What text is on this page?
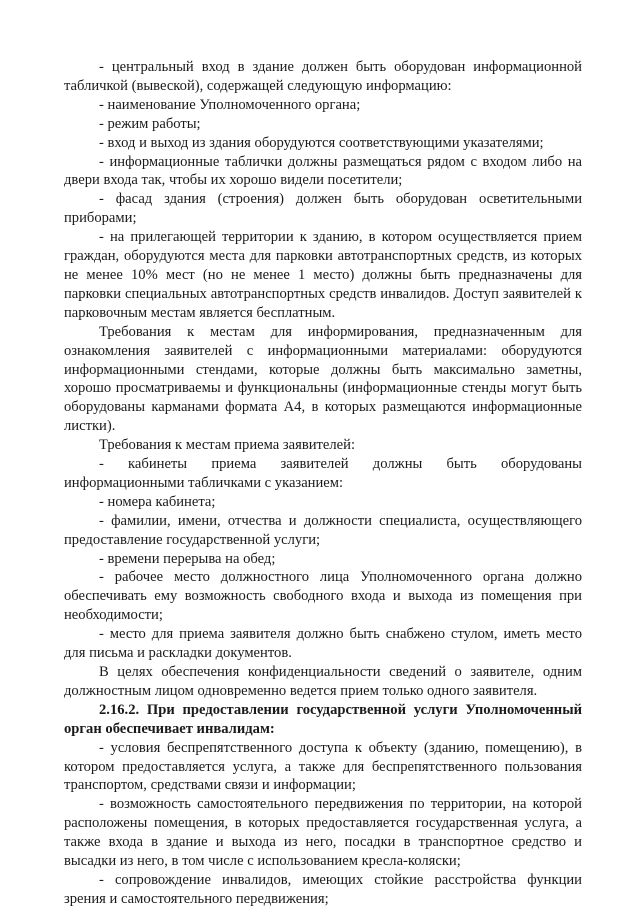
- центральный вход в здание должен быть оборудован информационной табличкой (вывеской), содержащей следующую информацию:

- наименование Уполномоченного органа;

- режим работы;

- вход и выход из здания оборудуются соответствующими указателями;

- информационные таблички должны размещаться рядом с входом либо на двери входа так, чтобы их хорошо видели посетители;

- фасад здания (строения) должен быть оборудован осветительными приборами;

- на прилегающей территории к зданию, в котором осуществляется прием граждан, оборудуются места для парковки автотранспортных средств, из которых не менее 10% мест (но не менее 1 место) должны быть предназначены для парковки специальных автотранспортных средств инвалидов. Доступ заявителей к парковочным местам является бесплатным.

Требования к местам для информирования, предназначенным для ознакомления заявителей с информационными материалами: оборудуются информационными стендами, которые должны быть максимально заметны, хорошо просматриваемы и функциональны (информационные стенды могут быть оборудованы карманами формата А4, в которых размещаются информационные листки).

Требования к местам приема заявителей:

- кабинеты приема заявителей должны быть оборудованы информационными табличками с указанием:

- номера кабинета;

- фамилии, имени, отчества и должности специалиста, осуществляющего предоставление государственной услуги;

- времени перерыва на обед;

- рабочее место должностного лица Уполномоченного органа должно обеспечивать ему возможность свободного входа и выхода из помещения при необходимости;

- место для приема заявителя должно быть снабжено стулом, иметь место для письма и раскладки документов.

В целях обеспечения конфиденциальности сведений о заявителе, одним должностным лицом одновременно ведется прием только одного заявителя.

2.16.2. При предоставлении государственной услуги Уполномоченный орган обеспечивает инвалидам:

- условия беспрепятственного доступа к объекту (зданию, помещению), в котором предоставляется услуга, а также для беспрепятственного пользования транспортом, средствами связи и информации;

- возможность самостоятельного передвижения по территории, на которой расположены помещения, в которых предоставляется государственная услуга, а также входа в здание и выхода из него, посадки в транспортное средство и высадки из него, в том числе с использованием кресла-коляски;

- сопровождение инвалидов, имеющих стойкие расстройства функции зрения и самостоятельного передвижения;
